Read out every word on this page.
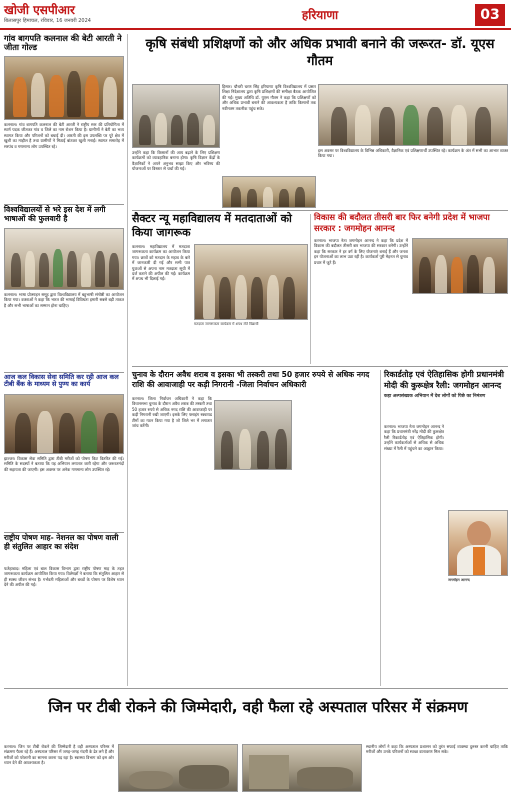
खोजी एसपीआर
बिलासपुर हिमाचल, रविवार, 16 जनवरी 2024	हरियाणा	03
गांव बागपति कलनाल की बेटी आरती ने जीता गोल्ड
कलनाल। गांव बागपति कलनाल की बेटी आरती ने राष्ट्रीय स्तर की प्रतियोगिता में स्वर्ण पदक जीतकर गांव व जिले का नाम रोशन किया है। ग्रामीणों ने बेटी का भव्य स्वागत किया और परिजनों को बधाई दी। आरती की इस उपलब्धि पर पूरे क्षेत्र में खुशी का माहौल है तथा ग्रामीणों ने मिठाई बांटकर खुशी मनाई। स्वागत समारोह में सरपंच व गणमान्य लोग उपस्थित रहे।
विश्वविद्यालयों से भरे इस देश में लगी भाषाओं की फुलवारी है
कलनाल। भाषा प्रोत्साहन समूह द्वारा विश्वविद्यालय में बहुभाषी संगोष्ठी का आयोजन किया गया। वक्ताओं ने कहा कि भारत की भाषाई विविधता हमारी सबसे बड़ी ताकत है और सभी भाषाओं का सम्मान होना चाहिए।
आज कल विकास सेवा समिति कर रही आज कल टीबी बैंक के माध्यम से पुण्य का कार्य
झज्जर। विकास सेवा समिति द्वारा टीबी मरीजों को पोषण किट वितरित की गई। समिति के सदस्यों ने बताया कि यह अभियान लगातार जारी रहेगा और जरूरतमंदों की सहायता की जाएगी। इस अवसर पर अनेक गणमान्य लोग उपस्थित रहे।
राष्ट्रीय पोषण माह- नेशनल का पोषण वाली ही संतुलित आहार का संदेश
फतेहाबाद। महिला एवं बाल विकास विभाग द्वारा राष्ट्रीय पोषण माह के तहत जागरूकता कार्यक्रम आयोजित किया गया। विशेषज्ञों ने बताया कि संतुलित आहार से ही स्वस्थ जीवन संभव है। गर्भवती महिलाओं और बच्चों के पोषण पर विशेष ध्यान देने की अपील की गई।
कृषि संबंधी प्रशिक्षणों को और अधिक प्रभावी बनाने की जरूरत- डॉ. यूएस गौतम
हिसार। चौधरी चरण सिंह हरियाणा कृषि विश्वविद्यालय में प्रसार शिक्षा निदेशालय द्वारा कृषि प्रशिक्षणों की समीक्षा बैठक आयोजित की गई। मुख्य अतिथि डॉ. यूएस गौतम ने कहा कि प्रशिक्षणों को और अधिक प्रभावी बनाने की आवश्यकता है ताकि किसानों तक नवीनतम तकनीक पहुंच सके।
उन्होंने कहा कि किसानों की आय बढ़ाने के लिए प्रशिक्षण कार्यक्रमों को व्यावहारिक बनाना होगा। कृषि विज्ञान केंद्रों के वैज्ञानिकों ने अपने अनुभव साझा किए और भविष्य की योजनाओं पर विस्तार से चर्चा की गई।
इस अवसर पर विश्वविद्यालय के विभिन्न अधिकारी, वैज्ञानिक एवं प्रशिक्षणार्थी उपस्थित रहे। कार्यक्रम के अंत में सभी का आभार व्यक्त किया गया।
सैक्टर न्यू महाविद्यालय में मतदाताओं को किया जागरूक
कलनाल। महाविद्यालय में मतदाता जागरूकता कार्यक्रम का आयोजन किया गया। छात्रों को मतदान के महत्व के बारे में जानकारी दी गई और सभी पात्र युवाओं से अपना नाम मतदाता सूची में दर्ज कराने की अपील की गई। कार्यक्रम में शपथ भी दिलाई गई।
मतदाता जागरूकता कार्यक्रम में शपथ लेते विद्यार्थी
विकास की बदौलत तीसरी बार फिर बनेगी प्रदेश में भाजपा सरकार : जगमोहन आनन्द
करनाल। भाजपा नेता जगमोहन आनन्द ने कहा कि प्रदेश में विकास की बदौलत तीसरी बार भाजपा की सरकार बनेगी। उन्होंने कहा कि सरकार ने हर वर्ग के लिए योजनाएं बनाई हैं और जनता इन योजनाओं का लाभ उठा रही है। कार्यकर्ता पूरी मेहनत से चुनाव प्रचार में जुटे हैं।
चुनाव के दौरान अवैध शराब व इसका भी तस्करी तथा 50 हजार रुपये से अधिक नगद राशि की आवाजाही पर कड़ी निगरानी -जिला निर्वाचन अधिकारी
करनाल। जिला निर्वाचन अधिकारी ने कहा कि विधानसभा चुनाव के दौरान अवैध शराब की तस्करी तथा 50 हजार रुपये से अधिक नगद राशि की आवाजाही पर कड़ी निगरानी रखी जाएगी। इसके लिए फ्लाइंग स्क्वायड टीमों का गठन किया गया है जो जिले भर में लगातार जांच करेंगी।
रिकार्डतोड़ एवं ऐतिहासिक होगी प्रधानमंत्री मोदी की कुरूक्षेत्र रैली: जगमोहन आनन्द
कहा अल्पसंख्यक अभियान में देश लोगों को पिछे का निमंत्रण
करनाल। भाजपा नेता जगमोहन आनन्द ने कहा कि प्रधानमंत्री नरेंद्र मोदी की कुरूक्षेत्र रैली रिकार्डतोड़ एवं ऐतिहासिक होगी। उन्होंने कार्यकर्ताओं से अधिक से अधिक संख्या में रैली में पहुंचने का आह्वान किया।
जगमोहन आनन्द
जिन पर टीबी रोकने की जिम्मेदारी, वही फैला रहे अस्पताल परिसर में संक्रमण
करनाल। जिन पर टीबी रोकने की जिम्मेदारी है वही अस्पताल परिसर में संक्रमण फैला रहे हैं। अस्पताल परिसर में जगह-जगह गंदगी के ढेर लगे हैं और मरीजों को परेशानी का सामना करना पड़ रहा है। स्वास्थ्य विभाग को इस ओर ध्यान देने की आवश्यकता है।
स्थानीय लोगों ने कहा कि अस्पताल प्रशासन को तुरंत सफाई व्यवस्था दुरुस्त करनी चाहिए ताकि मरीजों और उनके परिजनों को स्वच्छ वातावरण मिल सके।
